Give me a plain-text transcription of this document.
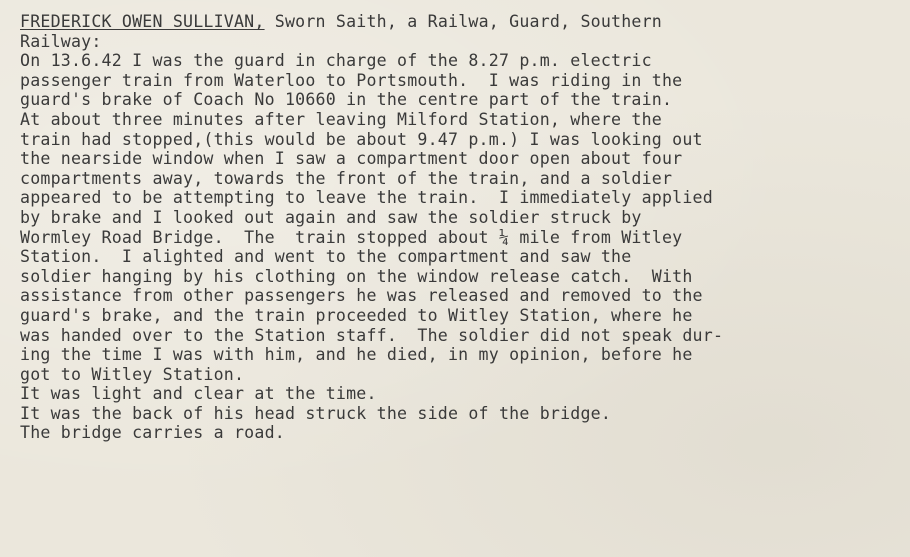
FREDERICK OWEN SULLIVAN, Sworn Saith, a Railwa, Guard, Southern
Railway:
On 13.6.42 I was the guard in charge of the 8.27 p.m. electric
passenger train from Waterloo to Portsmouth.  I was riding in the
guard's brake of Coach No 10660 in the centre part of the train.
At about three minutes after leaving Milford Station, where the
train had stopped,(this would be about 9.47 p.m.) I was looking out
the nearside window when I saw a compartment door open about four
compartments away, towards the front of the train, and a soldier
appeared to be attempting to leave the train.  I immediately applied
by brake and I looked out again and saw the soldier struck by
Wormley Road Bridge.  The  train stopped about ¼ mile from Witley
Station.  I alighted and went to the compartment and saw the
soldier hanging by his clothing on the window release catch.  With
assistance from other passengers he was released and removed to the
guard's brake, and the train proceeded to Witley Station, where he
was handed over to the Station staff.  The soldier did not speak dur-
ing the time I was with him, and he died, in my opinion, before he
got to Witley Station.
It was light and clear at the time.
It was the back of his head struck the side of the bridge.
The bridge carries a road.
